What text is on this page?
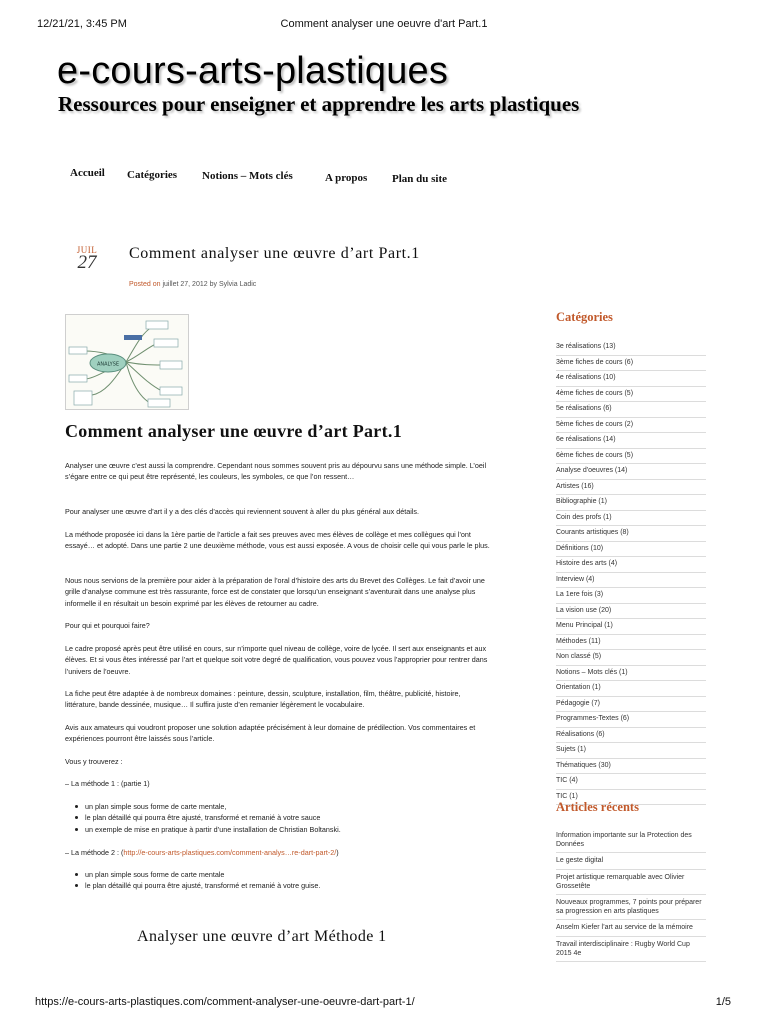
12/21/21, 3:45 PM	Comment analyser une oeuvre d'art Part.1
e-cours-arts-plastiques
Ressources pour enseigner et apprendre les arts plastiques
Accueil Catégories Notions – Mots clés	A propos Plan du site
JUIL
27	Comment analyser une œuvre d’art Part.1
Posted on juillet 27, 2012 by Sylvia Ladic
ANALYSE
Comment analyser une œuvre d’art Part.1

Analyser une œuvre c’est aussi la comprendre. Cependant nous sommes souvent pris au dépourvu sans une méthode simple. L’oeil s’égare entre ce qui peut être représenté, les couleurs, les symboles, ce que l’on ressent…

Pour analyser une œuvre d’art il y a des clés d’accès qui reviennent souvent à aller du plus général aux détails.

La méthode proposée ici dans la 1ère partie de l’article a fait ses preuves avec mes élèves de collège et mes collègues qui l’ont essayé… et adopté. Dans une partie 2 une deuxième méthode, vous est aussi exposée. A vous de choisir celle qui vous parle le plus.

Nous nous servions de la première pour aider à la préparation de l’oral d’histoire des arts du Brevet des Collèges. Le fait d’avoir une grille d’analyse commune est très rassurante, force est de constater que lorsqu’un enseignant s’aventurait dans une analyse plus informelle il en résultait un besoin exprimé par les élèves de retourner au cadre.

Pour qui et pourquoi faire?

Le cadre proposé après peut être utilisé en cours, sur n’importe quel niveau de collège, voire de lycée. Il sert aux enseignants et aux élèves. Et si vous êtes intéressé par l’art et quelque soit votre degré de qualification, vous pouvez vous l’approprier pour rentrer dans l’univers de l’oeuvre.

La fiche peut être adaptée à de nombreux domaines : peinture, dessin, sculpture, installation, film, théâtre, publicité, histoire, littérature, bande dessinée, musique… Il suffira juste d’en remanier légèrement le vocabulaire.

Avis aux amateurs qui voudront proposer une solution adaptée précisément à leur domaine de prédilection. Vos commentaires et expériences pourront être laissés sous l’article.

Vous y trouverez :

– La méthode 1 : (partie 1)

un plan simple sous forme de carte mentale,
le plan détaillé qui pourra être ajusté, transformé et remanié à votre sauce
un exemple de mise en pratique à partir d’une installation de Christian Boltanski.

– La méthode 2 : (http://e-cours-arts-plastiques.com/comment-analys…re-dart-part-2/)

un plan simple sous forme de carte mentale
le plan détaillé qui pourra être ajusté, transformé et remanié à votre guise.
Analyser une œuvre d’art Méthode 1
Catégories
3e réalisations (13)
3ème fiches de cours (6)
4e réalisations (10)
4ème fiches de cours (5)
5e réalisations (6)
5ème fiches de cours (2)
6e réalisations (14)
6ème fiches de cours (5)
Analyse d'oeuvres (14)
Artistes (16)
Bibliographie (1)
Coin des profs (1)
Courants artistiques (8)
Définitions (10)
Histoire des arts (4)
Interview (4)
La 1ere fois (3)
La vision use (20)
Menu Principal (1)
Méthodes (11)
Non classé (5)
Notions – Mots clés (1)
Orientation (1)
Pédagogie (7)
Programmes-Textes (6)
Réalisations (6)
Sujets (1)
Thématiques (30)
TIC (4)
TIC (1)
Articles récents
Information importante sur la Protection des Données
Le geste digital
Projet artistique remarquable avec Olivier Grossetête
Nouveaux programmes, 7 points pour préparer sa progression en arts plastiques
Anselm Kiefer l’art au service de la mémoire
Travail interdisciplinaire : Rugby World Cup 2015 4e
https://e-cours-arts-plastiques.com/comment-analyser-une-oeuvre-dart-part-1/	1/5
